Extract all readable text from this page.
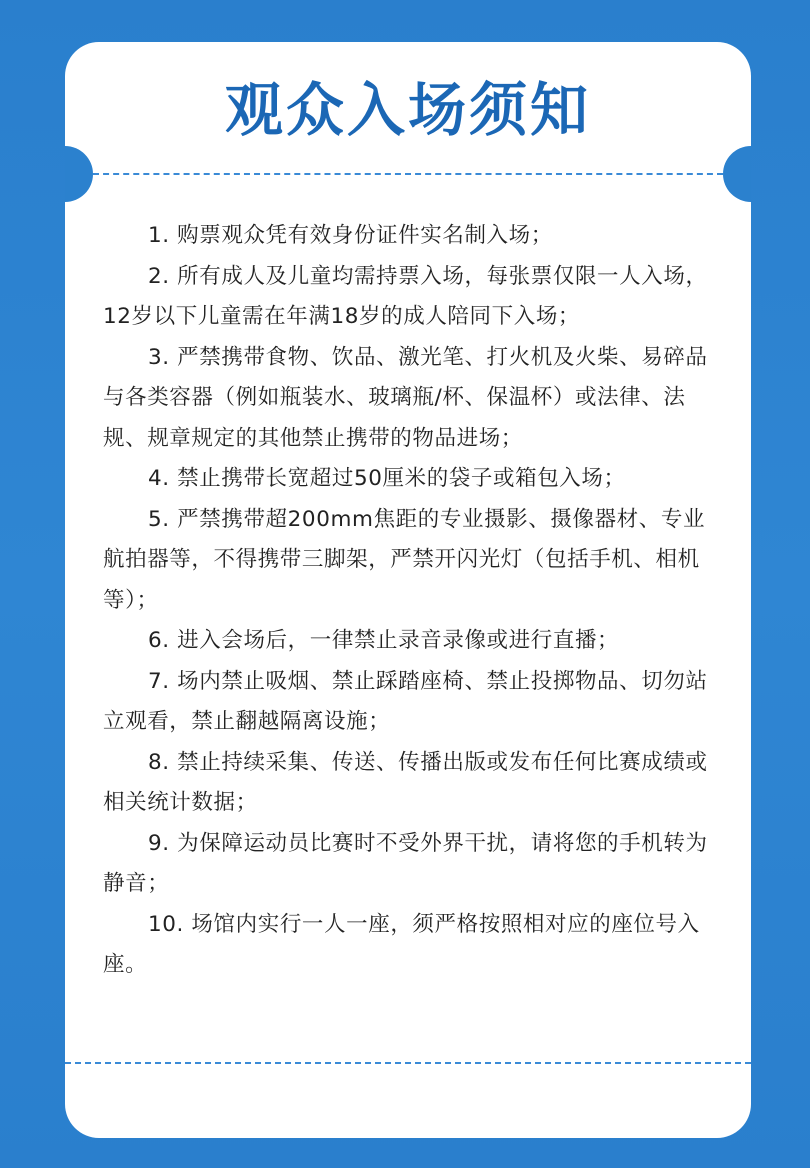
观众入场须知
1. 购票观众凭有效身份证件实名制入场；
2. 所有成人及儿童均需持票入场，每张票仅限一人入场，12岁以下儿童需在年满18岁的成人陪同下入场；
3. 严禁携带食物、饮品、激光笔、打火机及火柴、易碎品与各类容器（例如瓶装水、玻璃瓶/杯、保温杯）或法律、法规、规章规定的其他禁止携带的物品进场；
4. 禁止携带长宽超过50厘米的袋子或箱包入场；
5. 严禁携带超200mm焦距的专业摄影、摄像器材、专业航拍器等，不得携带三脚架，严禁开闪光灯（包括手机、相机等）；
6. 进入会场后，一律禁止录音录像或进行直播；
7. 场内禁止吸烟、禁止踩踏座椅、禁止投掷物品、切勿站立观看，禁止翻越隔离设施；
8. 禁止持续采集、传送、传播出版或发布任何比赛成绩或相关统计数据；
9. 为保障运动员比赛时不受外界干扰，请将您的手机转为静音；
10. 场馆内实行一人一座，须严格按照相对应的座位号入座。
